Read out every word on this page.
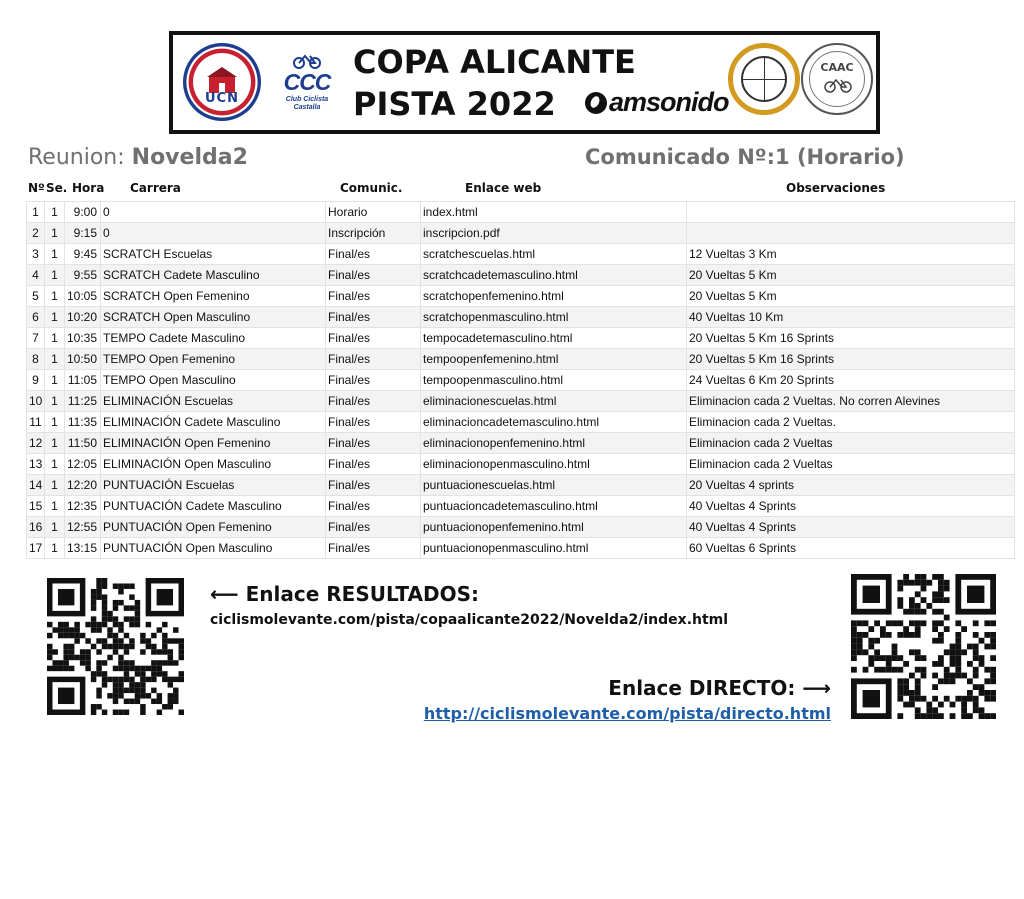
UCN
CCC
Club Ciclista
Castalla
COPA ALICANTE
PISTA 2022	amsonido
CAAC
Reunion: Novelda2	Comunicado Nº:1 (Horario)
Nº Se. Hora Carrera	Comunic.	Enlace web	Observaciones
1	1	9:00	0	Horario	index.html	
2	1	9:15	0	Inscripción	inscripcion.pdf	
3	1	9:45	SCRATCH Escuelas	Final/es	scratchescuelas.html	12 Vueltas 3 Km
4	1	9:55	SCRATCH Cadete Masculino	Final/es	scratchcadetemasculino.html	20 Vueltas 5 Km
5	1	10:05	SCRATCH Open Femenino	Final/es	scratchopenfemenino.html	20 Vueltas 5 Km
6	1	10:20	SCRATCH Open Masculino	Final/es	scratchopenmasculino.html	40 Vueltas 10 Km
7	1	10:35	TEMPO Cadete Masculino	Final/es	tempocadetemasculino.html	20 Vueltas 5 Km 16 Sprints
8	1	10:50	TEMPO Open Femenino	Final/es	tempoopenfemenino.html	20 Vueltas 5 Km 16 Sprints
9	1	11:05	TEMPO Open Masculino	Final/es	tempoopenmasculino.html	24 Vueltas 6 Km 20 Sprints
10	1	11:25	ELIMINACIÓN Escuelas	Final/es	eliminacionescuelas.html	Eliminacion cada 2 Vueltas. No corren Alevines
11	1	11:35	ELIMINACIÓN Cadete Masculino	Final/es	eliminacioncadetemasculino.html	Eliminacion cada 2 Vueltas.
12	1	11:50	ELIMINACIÓN Open Femenino	Final/es	eliminacionopenfemenino.html	Eliminacion cada 2 Vueltas
13	1	12:05	ELIMINACIÓN Open Masculino	Final/es	eliminacionopenmasculino.html	Eliminacion cada 2 Vueltas
14	1	12:20	PUNTUACIÓN Escuelas	Final/es	puntuacionescuelas.html	20 Vueltas 4 sprints
15	1	12:35	PUNTUACIÓN Cadete Masculino	Final/es	puntuacioncadetemasculino.html	40 Vueltas 4 Sprints
16	1	12:55	PUNTUACIÓN Open Femenino	Final/es	puntuacionopenfemenino.html	40 Vueltas 4 Sprints
17	1	13:15	PUNTUACIÓN Open Masculino	Final/es	puntuacionopenmasculino.html	60 Vueltas 6 Sprints
⟵ Enlace RESULTADOS:
ciclismolevante.com/pista/copaalicante2022/Novelda2/index.html
Enlace DIRECTO: ⟶
http://ciclismolevante.com/pista/directo.html
